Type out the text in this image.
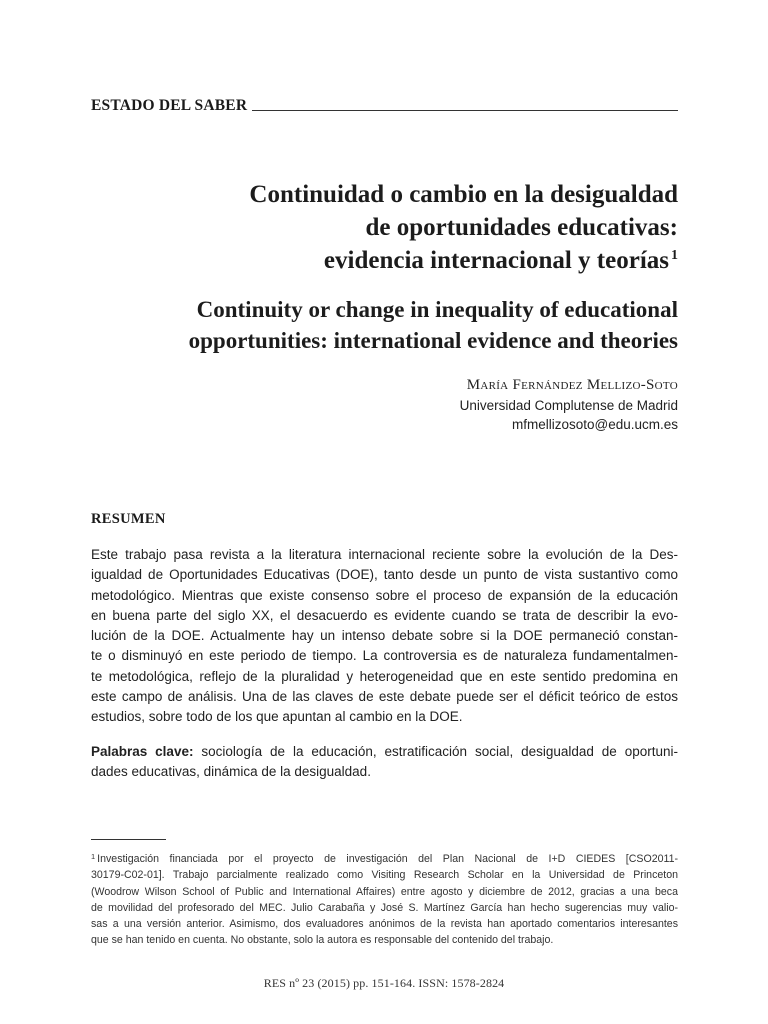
ESTADO DEL SABER
Continuidad o cambio en la desigualdad
de oportunidades educativas:
evidencia internacional y teorías $^1$
Continuity or change in inequality of educational
opportunities: international evidence and theories
María Fernández Mellizo-Soto
Universidad Complutense de Madrid
mfmellizosoto@edu.ucm.es
RESUMEN
Este trabajo pasa revista a la literatura internacional reciente sobre la evolución de la Des-
igualdad de Oportunidades Educativas (DOE), tanto desde un punto de vista sustantivo como
metodológico. Mientras que existe consenso sobre el proceso de expansión de la educación
en buena parte del siglo XX, el desacuerdo es evidente cuando se trata de describir la evo-
lución de la DOE. Actualmente hay un intenso debate sobre si la DOE permaneció constan-
te o disminuyó en este periodo de tiempo. La controversia es de naturaleza fundamentalmen-
te metodológica, reflejo de la pluralidad y heterogeneidad que en este sentido predomina en
este campo de análisis. Una de las claves de este debate puede ser el déficit teórico de estos
estudios, sobre todo de los que apuntan al cambio en la DOE.
Palabras clave: sociología de la educación, estratificación social, desigualdad de oportuni-
dades educativas, dinámica de la desigualdad.
$^1$ Investigación financiada por el proyecto de investigación del Plan Nacional de I+D CIEDES [CSO2011-
30179-C02-01]. Trabajo parcialmente realizado como Visiting Research Scholar en la Universidad de Princeton
(Woodrow Wilson School of Public and International Affaires) entre agosto y diciembre de 2012, gracias a una beca
de movilidad del profesorado del MEC. Julio Carabaña y José S. Martínez García han hecho sugerencias muy valio-
sas a una versión anterior. Asimismo, dos evaluadores anónimos de la revista han aportado comentarios interesantes
que se han tenido en cuenta. No obstante, solo la autora es responsable del contenido del trabajo.
RES nº 23 (2015) pp. 151-164. ISSN: 1578-2824
